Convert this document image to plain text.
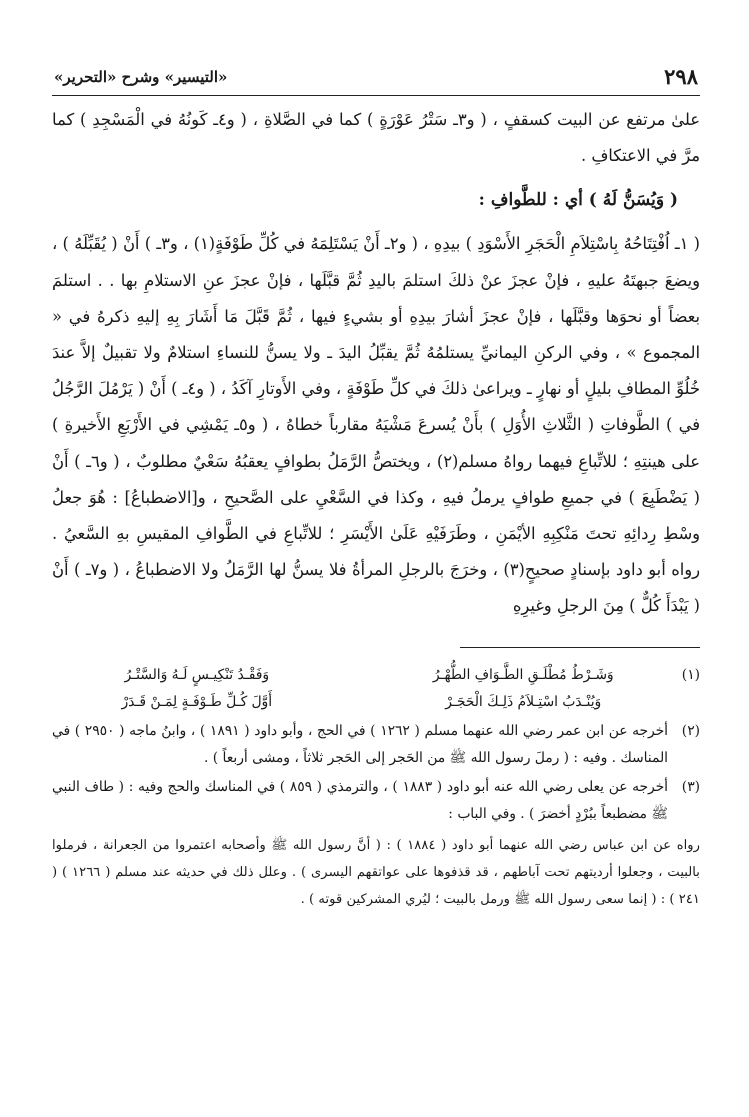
٢٩٨
«التيسير» وشرح «التحرير»

علىٰ مرتفع عن البيت كسقفٍ ، ( و٣ـ سَتْرُ عَوْرَةٍ ) كما في الصَّلاةِ ، ( و٤ـ كَونُهُ في الْمَسْجِدِ ) كما مرَّ في الاعتكافِ .

( وَيُسَنُّ لَهُ ) أي : للطَّوافِ :

( ١ـ اُفْتِتَاحُهُ بِاسْتِلاَمِ الْحَجَرِ الأَسْوَدِ ) بيدِهِ ، ( و٢ـ أَنْ يَسْتَلِمَهُ في كُلِّ طَوْفَةٍ(١) ، و٣ـ ) أَنْ ( يُقَبِّلَهُ ) ، ويضعَ جبهتَهُ عليهِ ، فإنْ عجزَ عنْ ذلكَ استلمَ باليدِ ثُمَّ قبَّلَها ، فإنْ عجزَ عنِ الاستلامِ بها . . استلمَ بعضاً أو نحوَها وقبَّلَها ، فإنْ عجزَ أشارَ بيدِهِ أو بشيءٍ فيها ، ثُمَّ قَبَّلَ مَا أَشَارَ بِهِ إليهِ ذكرهُ في « المجموع » ، وفي الركنِ اليمانيِّ يستلمُهُ ثُمَّ يقبِّلُ اليدَ ـ ولا يسنُّ للنساءِ استلامٌ ولا تقبيلٌ إلاَّ عندَ خُلُوِّ المطافِ بليلٍ أو نهارٍ ـ ويراعىٰ ذلكَ في كلِّ طَوْفَةٍ ، وفي الأَوتارِ آكَدُ ، ( و٤ـ ) أَنْ ( يَرْمُلَ الرَّجُلُ في ) الطَّوفاتِ ( الثَّلاثِ الأُوَلِ ) بأَنْ يُسرعَ مَشْيَهُ مقارباً خطاهُ ، ( و٥ـ يَمْشِي في الأَرْبَعِ الأَخيرةِ ) على هينتِهِ ؛ للاتِّباعِ فيهما رواهُ مسلم(٢) ، ويختصُّ الرَّمَلُ بطوافٍ يعقبُهُ سَعْيٌ مطلوبٌ ، ( و٦ـ ) أَنْ ( يَضْطَبِعَ ) في جميعِ طوافٍ يرملُ فيهِ ، وكذا في السَّعْيِ على الصَّحيحِ ، و[الاضطباعُ] : هُوَ جعلُ وسْطِ رِدائِهِ تحتَ مَنْكِبِهِ الأيْمَنِ ، وطَرَفَيْهِ عَلَىٰ الأَيْسَرِ ؛ للاتِّباعِ في الطَّوافِ المقيسِ بهِ السَّعيُ . رواه أبو داود بإسنادٍ صحيحٍ(٣) ، وخرَجَ بالرجلِ المرأةُ فلا يسنُّ لها الرَّمَلُ ولا الاضطباعُ ، ( و٧ـ ) أَنْ ( يَبْدَأَ كُلٌّ ) مِنَ الرجلِ وغيرِهِ

(١)
وَشَـرْطُ مُطْلَـقِ الطَّـوَافِ الطُّهْـرُ
وَفَقْـدُ تَنْكِيـسٍ لَـهُ وَالسَّتْـرُ
وَيُنْـدَبُ اسْتِـلاَمُ ذَلِـكَ الْحَجَـرْ
أَوَّلَ كُـلِّ طَـوْفَـةٍ لِمَـنْ قَـدَرْ
(٢)
أخرجه عن ابن عمر رضي الله عنهما مسلم ( ١٢٦٢ ) في الحج ، وأبو داود ( ١٨٩١ ) ، وابنُ ماجه ( ٢٩٥٠ ) في المناسك . وفيه : ( رملَ رسول الله ﷺ من الحَجر إلى الحَجر ثلاثاً ، ومشى أربعاً ) .
(٣)
أخرجه عن يعلى رضي الله عنه أبو داود ( ١٨٨٣ ) ، والترمذي ( ٨٥٩ ) في المناسك والحج وفيه : ( طاف النبي ﷺ مضطبعاً ببُرْدٍ أخضرَ ) . وفي الباب :

رواه عن ابن عباس رضي الله عنهما أبو داود ( ١٨٨٤ ) : ( أنَّ رسول الله ﷺ وأصحابه اعتمروا من الجعرانة ، فرملوا بالبيت ، وجعلوا أرديتهم تحت آباطهم ، قد قذفوها على عواتقهم اليسرى ) . وعلل ذلك في حديثه عند مسلم ( ١٢٦٦ ) ( ٢٤١ ) : ( إنما سعى رسول الله ﷺ ورمل بالبيت ؛ ليُري المشركين قوته ) .
